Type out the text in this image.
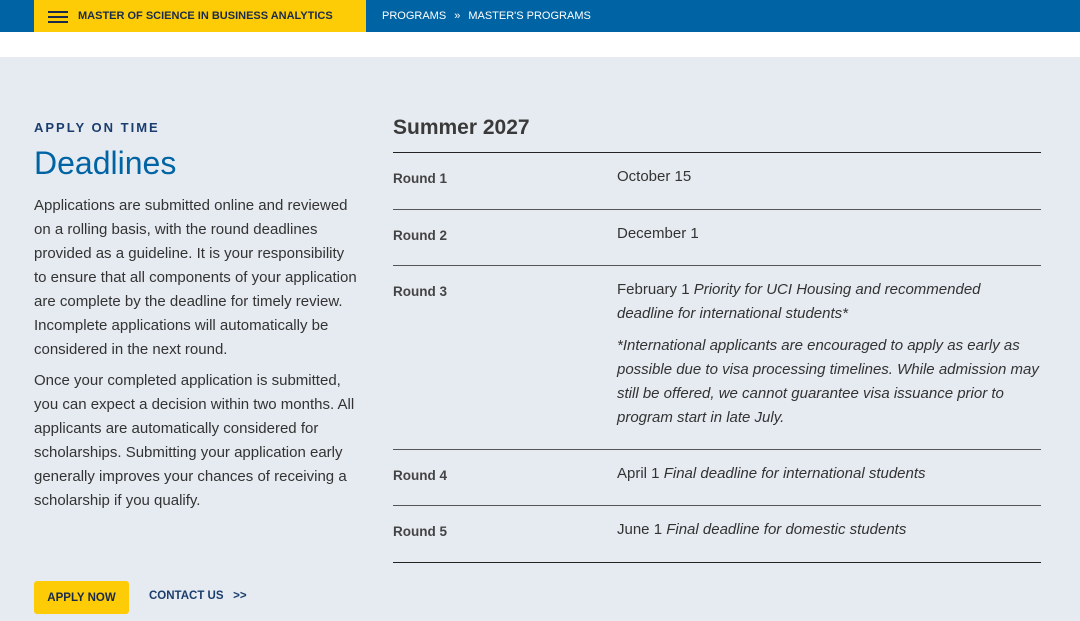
MASTER OF SCIENCE IN BUSINESS ANALYTICS	PROGRAMS » MASTER'S PROGRAMS
APPLY ON TIME
Deadlines

Applications are submitted online and reviewed on a rolling basis, with the round deadlines provided as a guideline. It is your responsibility to ensure that all components of your application are complete by the deadline for timely review. Incomplete applications will automatically be considered in the next round.

Once your completed application is submitted, you can expect a decision within two months. All applicants are automatically considered for scholarships. Submitting your application early generally improves your chances of receiving a scholarship if you qualify.

APPLY NOW	CONTACT US   >>
Summer 2027
Round 1	October 15
Round 2	December 1
Round 3	February 1 Priority for UCI Housing and recommended deadline for international students*
*International applicants are encouraged to apply as early as possible due to visa processing timelines. While admission may still be offered, we cannot guarantee visa issuance prior to program start in late July.
Round 4	April 1 Final deadline for international students
Round 5	June 1 Final deadline for domestic students
